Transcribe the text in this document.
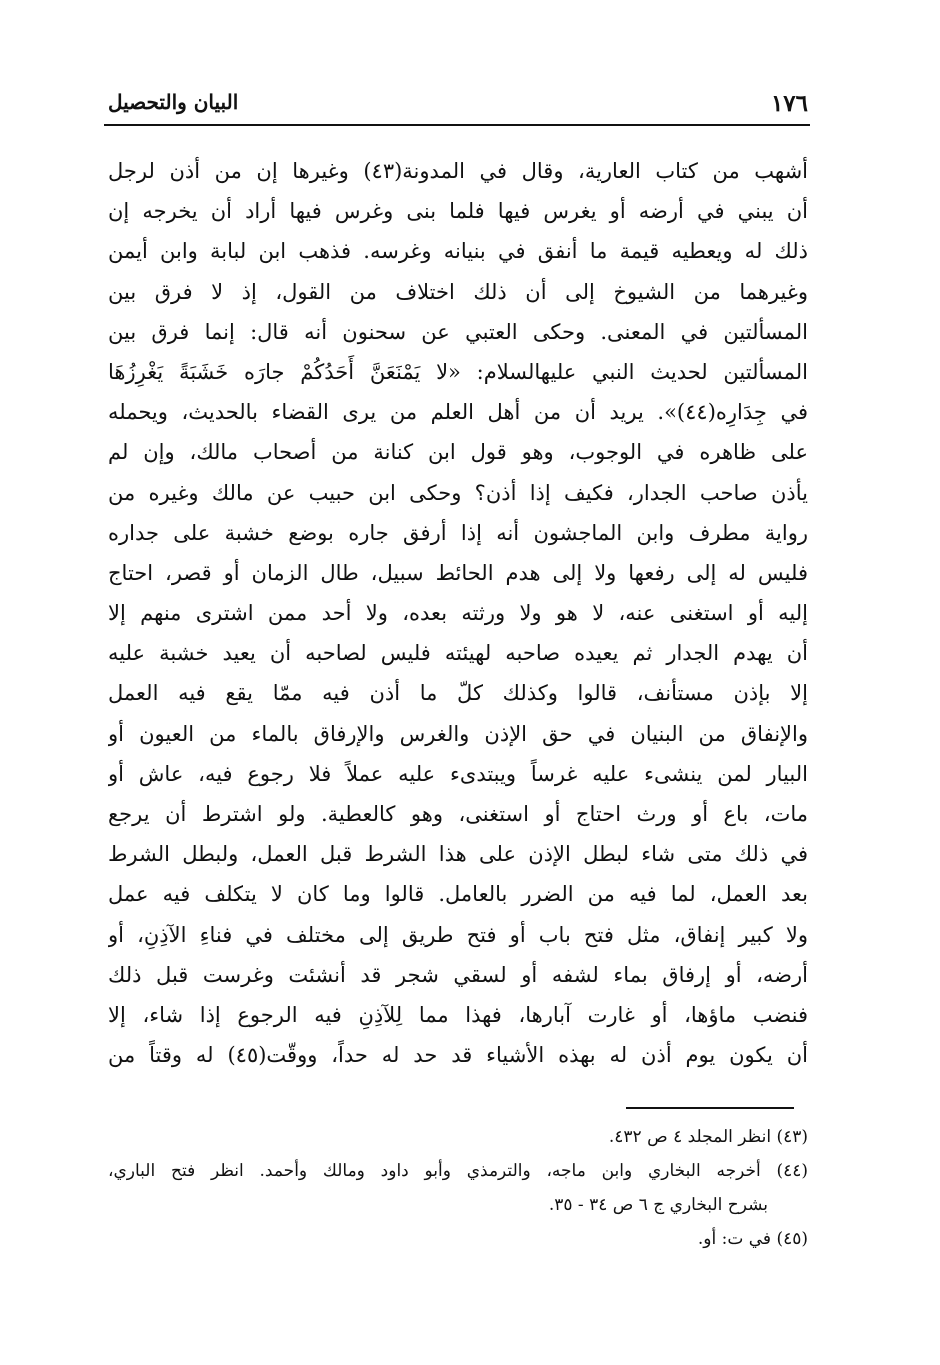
١٧٦
البيان والتحصيل
أشهب من كتاب العارية، وقال في المدونة(٤٣) وغيرها إن من أذن لرجل
أن يبني في أرضه أو يغرس فيها فلما بنى وغرس فيها أراد أن يخرجه إن
ذلك له ويعطيه قيمة ما أنفق في بنيانه وغرسه. فذهب ابن لبابة وابن أيمن
وغيرهما من الشيوخ إلى أن ذلك اختلاف من القول، إذ لا فرق بين
المسألتين في المعنى. وحكى العتبي عن سحنون أنه قال: إنما فرق بين
المسألتين لحديث النبي عليهالسلام: «لا يَمْنَعَنَّ أَحَدُكُمْ جارَه خَشَبَةً يَغْرِزُهَا
في جِدَارِه(٤٤)». يريد أن من أهل العلم من يرى القضاء بالحديث، ويحمله
على ظاهره في الوجوب، وهو قول ابن كنانة من أصحاب مالك، وإن لم
يأذن صاحب الجدار، فكيف إذا أذن؟ وحكى ابن حبيب عن مالك وغيره من
رواية مطرف وابن الماجشون أنه إذا أرفق جاره بوضع خشبة على جداره
فليس له إلى رفعها ولا إلى هدم الحائط سبيل، طال الزمان أو قصر، احتاج
إليه أو استغنى عنه، لا هو ولا ورثته بعده، ولا أحد ممن اشترى منهم إلا
أن يهدم الجدار ثم يعيده صاحبه لهيئته فليس لصاحبه أن يعيد خشبة عليه
إلا بإذن مستأنف، قالوا وكذلك كلّ ما أذن فيه ممّا يقع فيه العمل
والإنفاق من البنيان في حق الإذن والغرس والإرفاق بالماء من العيون أو
البيار لمن ينشىء عليه غرساً ويبتدىء عليه عملاً فلا رجوع فيه، عاش أو
مات، باع أو ورث احتاج أو استغنى، وهو كالعطية. ولو اشترط أن يرجع
في ذلك متى شاء لبطل الإذن على هذا الشرط قبل العمل، ولبطل الشرط
بعد العمل، لما فيه من الضرر بالعامل. قالوا وما كان لا يتكلف فيه عمل
ولا كبير إنفاق، مثل فتح باب أو فتح طريق إلى مختلف في فناءِ الآذِنِ، أو
أرضه، أو إرفاق بماء لشفه أو لسقي شجر قد أنشئت وغرست قبل ذلك
فنضب ماؤها، أو غارت آبارها، فهذا مما لِلآذِنِ فيه الرجوع إذا شاء، إلا
أن يكون يوم أذن له بهذه الأشياء قد حد له حداً، ووقّت(٤٥) له وقتاً من
(٤٣) انظر المجلد ٤ ص ٤٣٢.
(٤٤) أخرجه البخاري وابن ماجه، والترمذي وأبو داود ومالك وأحمد. انظر فتح الباري،
بشرح البخاري ج ٦ ص ٣٤ - ٣٥.
(٤٥) في ت: أو.
